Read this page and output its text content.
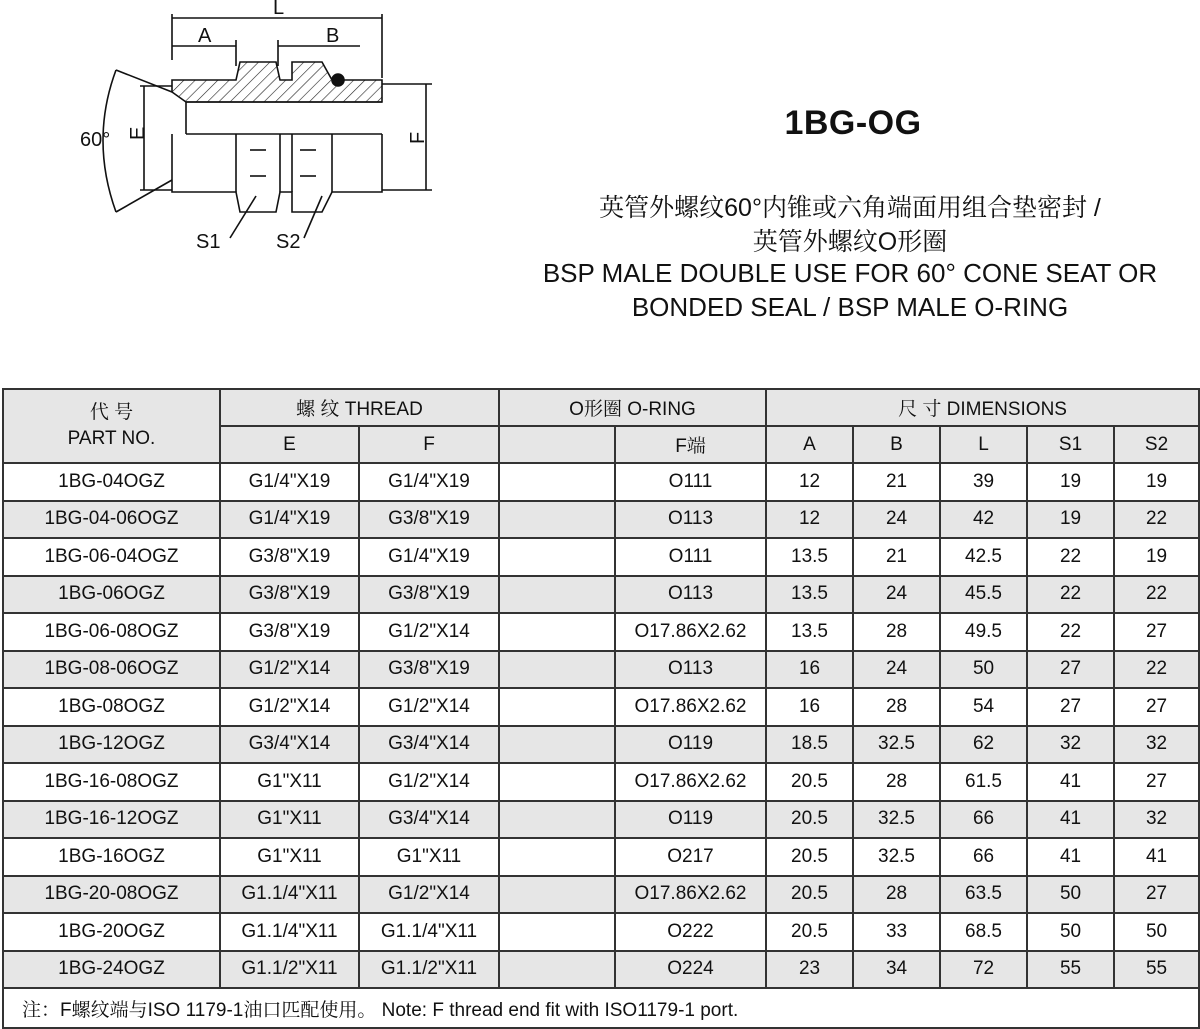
L
A	B
60° E	F
S1	S2
1BG-OG
英管外螺纹60°内锥或六角端面用组合垫密封 /
英管外螺纹O形圈
BSP MALE DOUBLE USE FOR 60° CONE SEAT OR
BONDED SEAL / BSP MALE O-RING
代 号
PART NO.	螺 纹 THREAD		O形圈 O-RING		尺 寸 DIMENSIONS				
	E	F		F端	A	B	L	S1	S2
1BG-04OGZ	G1/4"X19	G1/4"X19		O111	12	21	39	19	19
1BG-04-06OGZ	G1/4"X19	G3/8"X19		O113	12	24	42	19	22
1BG-06-04OGZ	G3/8"X19	G1/4"X19		O111	13.5	21	42.5	22	19
1BG-06OGZ	G3/8"X19	G3/8"X19		O113	13.5	24	45.5	22	22
1BG-06-08OGZ	G3/8"X19	G1/2"X14		O17.86X2.62	13.5	28	49.5	22	27
1BG-08-06OGZ	G1/2"X14	G3/8"X19		O113	16	24	50	27	22
1BG-08OGZ	G1/2"X14	G1/2"X14		O17.86X2.62	16	28	54	27	27
1BG-12OGZ	G3/4"X14	G3/4"X14		O119	18.5	32.5	62	32	32
1BG-16-08OGZ	G1"X11	G1/2"X14		O17.86X2.62	20.5	28	61.5	41	27
1BG-16-12OGZ	G1"X11	G3/4"X14		O119	20.5	32.5	66	41	32
1BG-16OGZ	G1"X11	G1"X11		O217	20.5	32.5	66	41	41
1BG-20-08OGZ	G1.1/4"X11	G1/2"X14		O17.86X2.62	20.5	28	63.5	50	27
1BG-20OGZ	G1.1/4"X11	G1.1/4"X11		O222	20.5	33	68.5	50	50
1BG-24OGZ	G1.1/2"X11	G1.1/2"X11		O224	23	34	72	55	55
注：F螺纹端与ISO 1179-1油口匹配使用。 Note: F thread end fit with ISO1179-1 port.									
